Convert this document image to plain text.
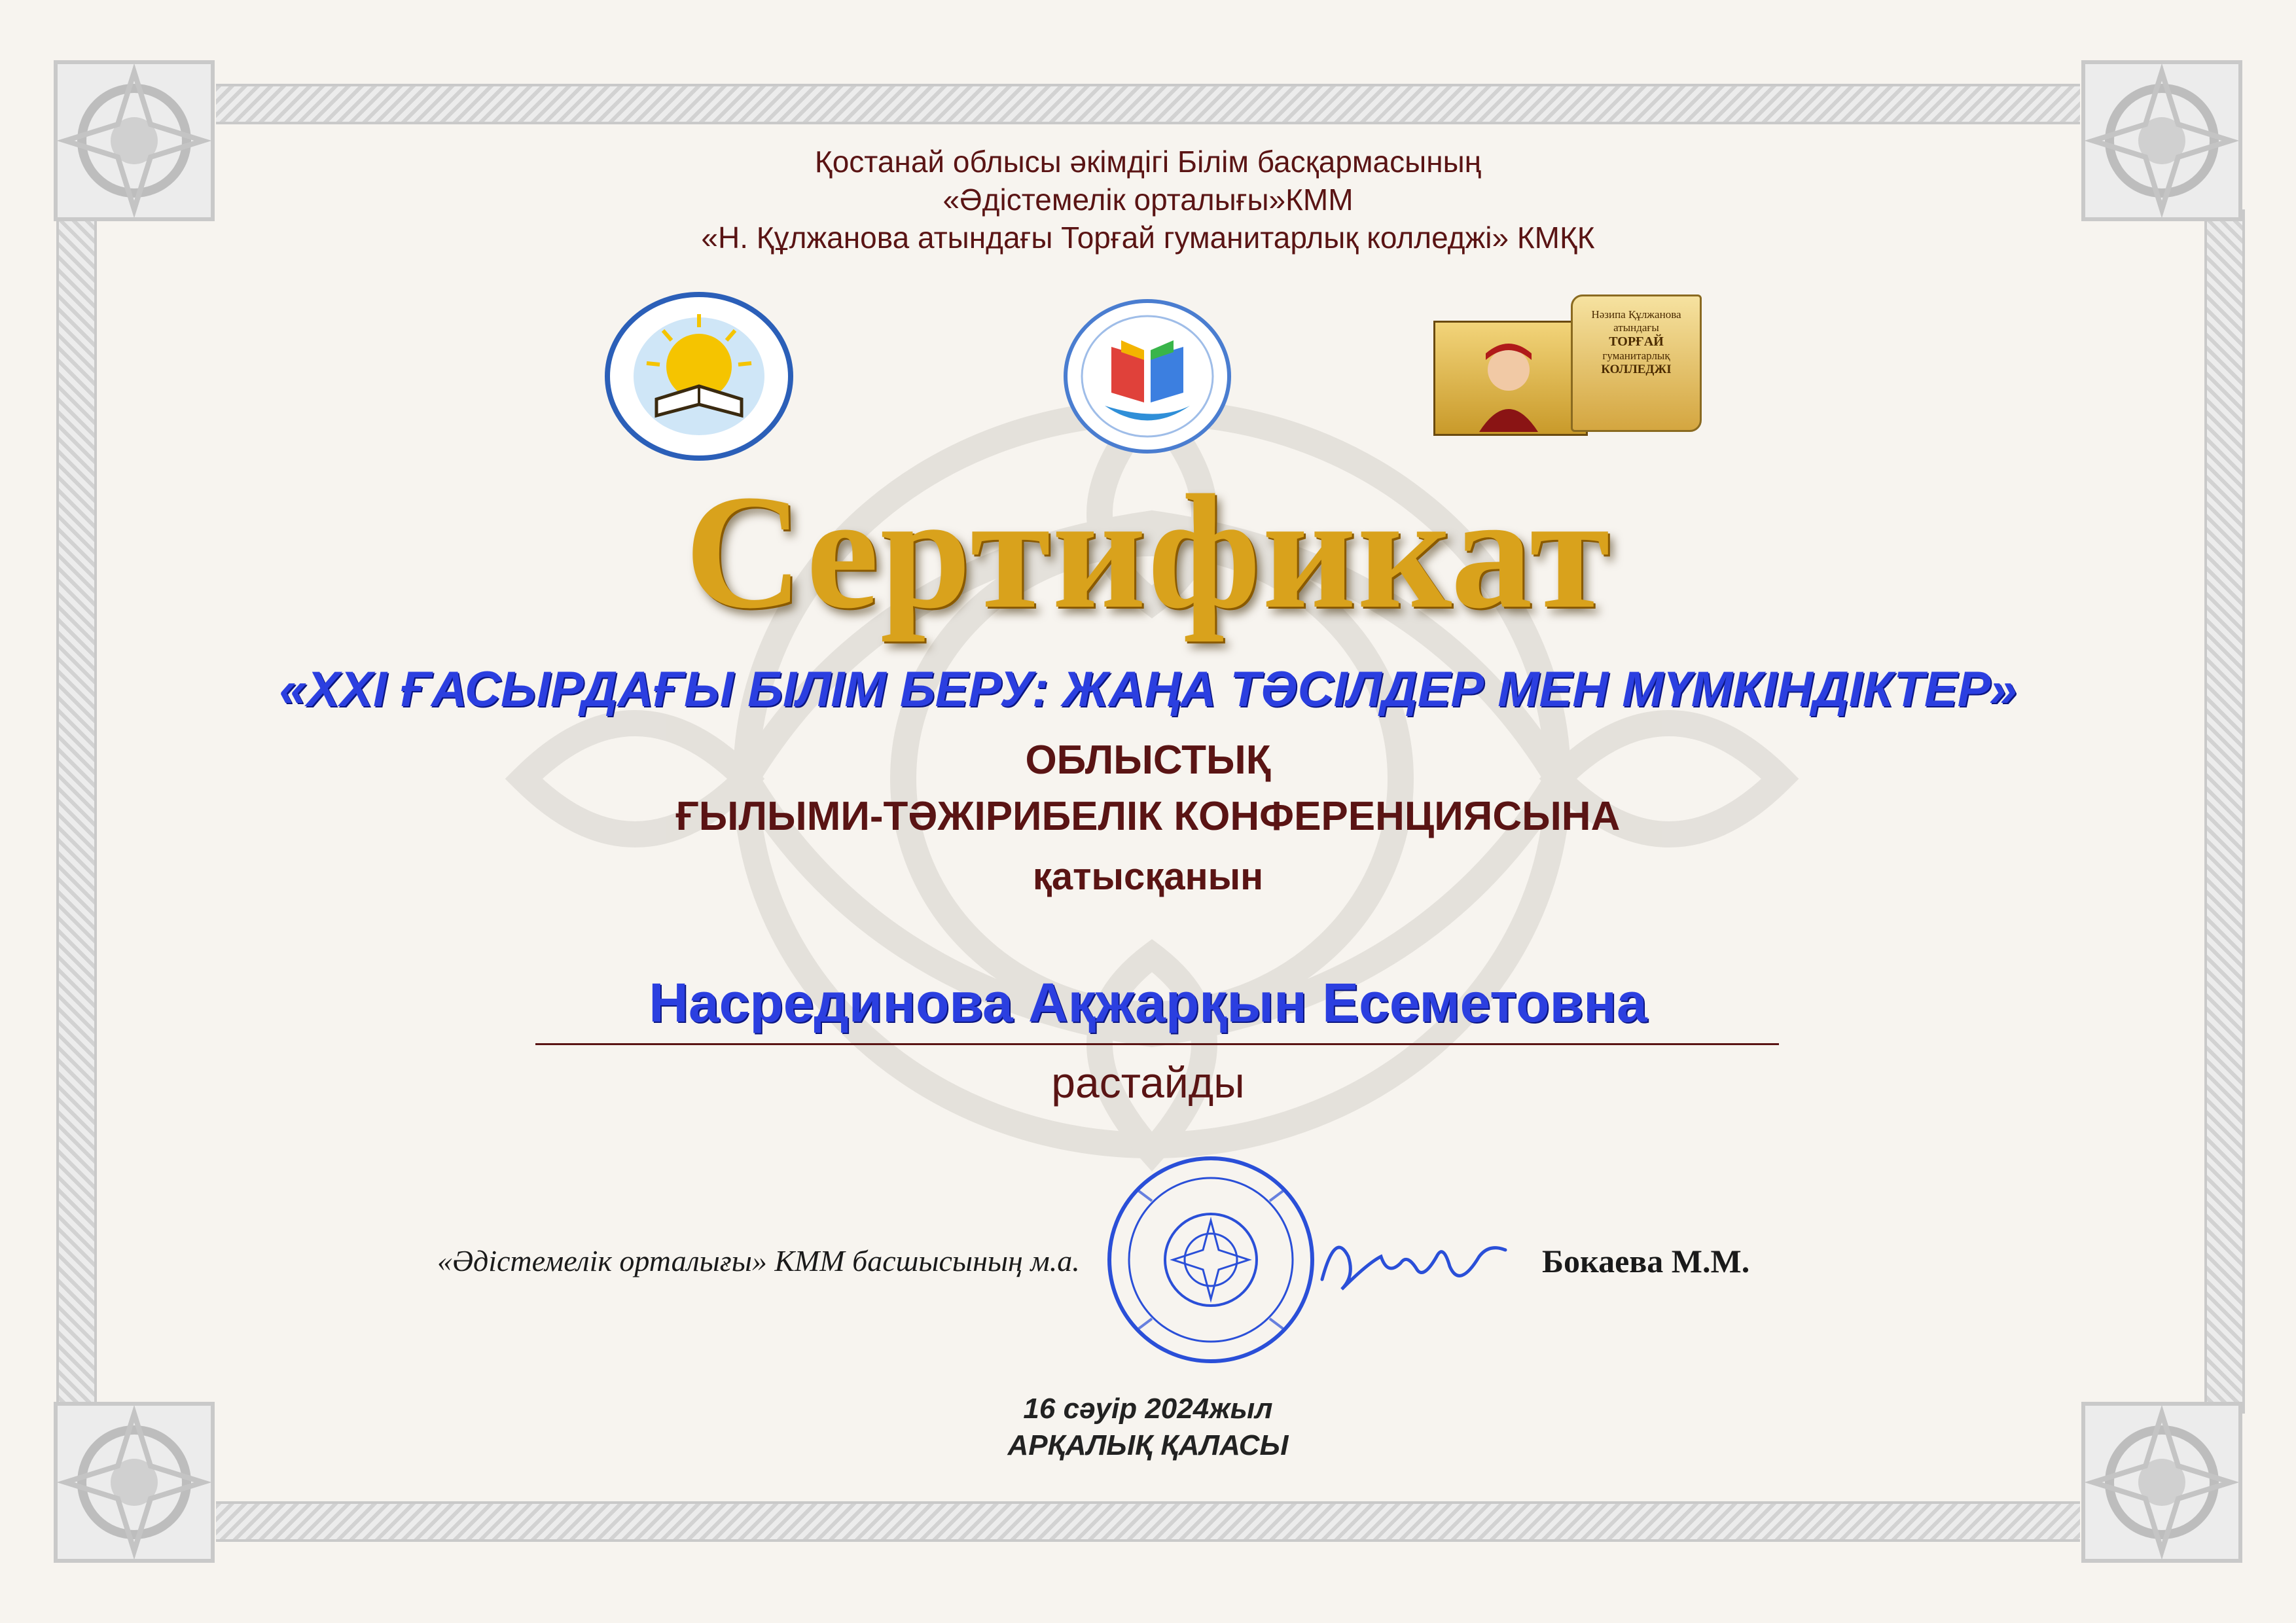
Қостанай облысы әкімдігі Білім басқармасының
«Әдістемелік орталығы»КММ
«Н. Құлжанова атындағы Торғай гуманитарлық колледжі» КМҚК
Нәзипа Құлжанова
атындағы
ТОРҒАЙ
гуманитарлық
КОЛЛЕДЖІ
Сертификат
«XXI ҒАСЫРДАҒЫ БІЛІМ БЕРУ: ЖАҢА ТӘСІЛДЕР МЕН МҮМКІНДІКТЕР»
ОБЛЫСТЫҚ
ҒЫЛЫМИ-ТӘЖІРИБЕЛІК КОНФЕРЕНЦИЯСЫНА
қатысқанын
Насрединова Ақжарқын Есеметовна
растайды
«Әдістемелік орталығы» КММ басшысының м.а.	Бокаева М.М.
16 сәуір 2024жыл
АРҚАЛЫҚ ҚАЛАСЫ
